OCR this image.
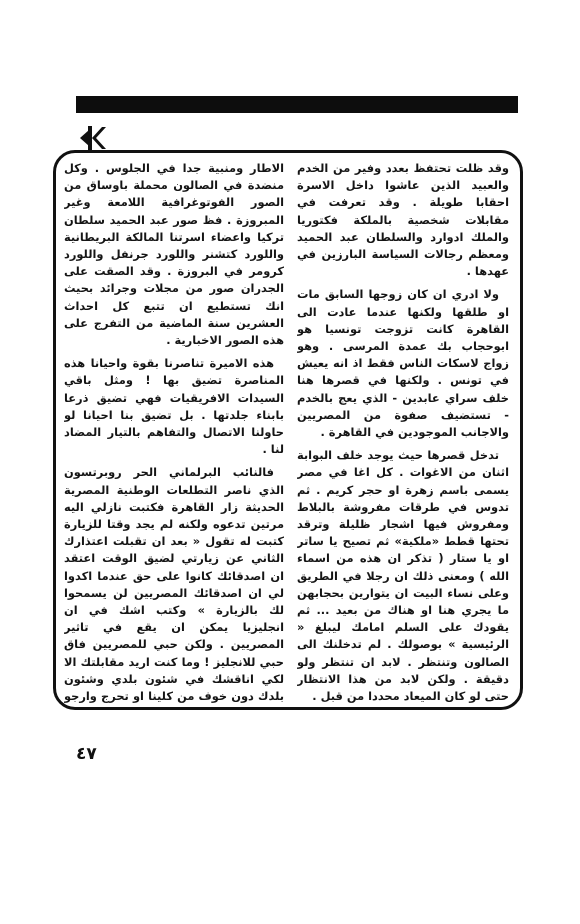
وقد ظلت تحتفظ بعدد وفير من الخدم والعبيد الذين عاشوا داخل الاسرة احقابا طويلة . وقد تعرفت في مقابلات شخصية بالملكة فكتوريا والملك ادوارد والسلطان عبد الحميد ومعظم رجالات السياسة البارزين في عهدها .

ولا ادري ان كان زوجها السابق مات او طلقها ولكنها عندما عادت الى القاهرة كانت تزوجت تونسيا هو ابوحجاب بك عمدة المرسى . وهو زواج لاسكات الناس فقط اذ انه يعيش في تونس . ولكنها في قصرها هنا خلف سراي عابدين - الذي يعج بالخدم - تستضيف صفوة من المصريين والاجانب الموجودين في القاهرة .

تدخل قصرها حيث يوجد خلف البوابة اثنان من الاغوات . كل اغا في مصر يسمى باسم زهرة او حجر كريم . ثم تدوس في طرقات مفروشة بالبلاط ومفروش فيها اشجار ظليلة وترقد تحتها قطط «ملكية» ثم تصيح يا ساتر او يا ستار ( تذكر ان هذه من اسماء الله ) ومعنى ذلك ان رجلا في الطريق وعلى نساء البيت ان يتوارين بحجابهن ما يجري هنا او هناك من بعيد ... ثم يقودك على السلم امامك ليبلغ « الرئيسية » بوصولك . لم تدخلنك الى الصالون وتنتظر . لابد ان تنتظر ولو دقيقة . ولكن لابد من هذا الانتظار حتى لو كان الميعاد محددا من قبل .

الاطار ومنبية جدا في الجلوس . وكل منضدة في الصالون محملة باوساق من الصور الفوتوغرافية اللامعة وغير المبروزة . فظ صور عبد الحميد سلطان تركيا واعضاء اسرتنا المالكة البريطانية واللورد كتشنر واللورد جرنفل واللورد كرومر في البروزة . وقد الصقت على الجدران صور من مجلات وجرائد بحيث انك تستطيع ان تتبع كل احداث العشرين سنة الماضية من التفرج على هذه الصور الاخبارية .

هذه الاميرة تناصرنا بقوة واحيانا هذه المناصرة تضيق بها ! ومثل باقي السيدات الافريقيات فهي تضيق ذرعا بابناء جلدتها . بل تضيق بنا احيانا لو حاولنا الاتصال والتفاهم بالتيار المضاد لنا .

فالنائب البرلماني الحر روبرتسون الذي ناصر التطلعات الوطنية المصرية الحديثة زار القاهرة فكتبت نازلي اليه مرتين تدعوه ولكنه لم يجد وقتا للزيارة كتبت له تقول « بعد ان تقبلت اعتذارك الثاني عن زيارتي لضيق الوقت اعتقد ان اصدقائك كانوا على حق عندما اكدوا لي ان اصدقائك المصريين لن يسمحوا لك بالزيارة » وكتب اشك في ان انجليزيا يمكن ان يقع في تاثير المصريين . ولكن حبي للمصريين فاق حبي للانجليز ! وما كنت اريد مقابلتك الا لكي اناقشك في شئون بلدي وشئون بلدك دون خوف من كلينا او تحرج وارجو

٤٧
